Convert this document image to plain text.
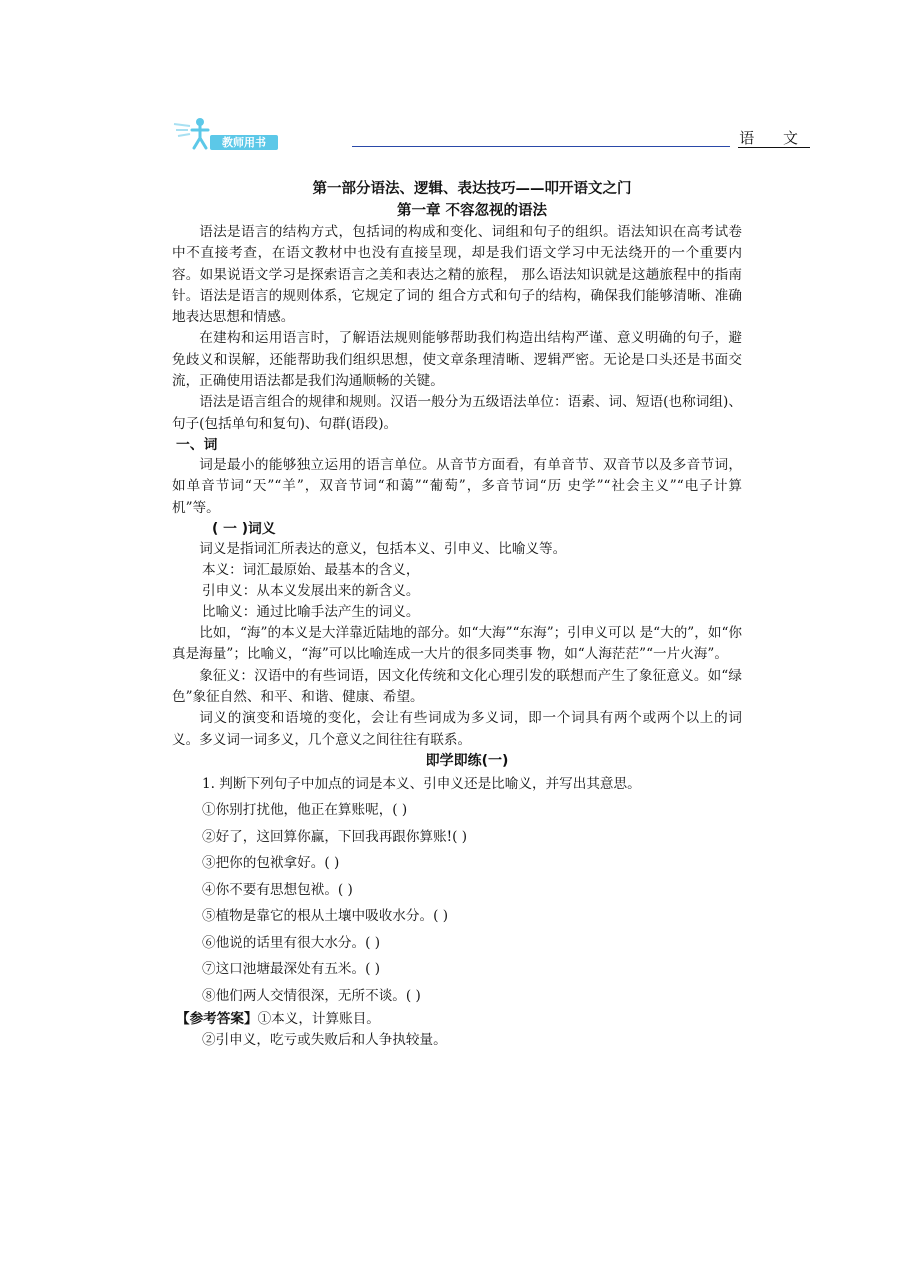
教师用书	语 文
第一部分语法、逻辑、表达技巧——叩开语文之门
第一章 不容忽视的语法

语法是语言的结构方式，包括词的构成和变化、词组和句子的组织。语法知识在高考试卷中不直接考查，在语文教材中也没有直接呈现，却是我们语文学习中无法绕开的一个重要内容。如果说语文学习是探索语言之美和表达之精的旅程， 那么语法知识就是这趟旅程中的指南针。语法是语言的规则体系，它规定了词的 组合方式和句子的结构，确保我们能够清晰、准确地表达思想和情感。

在建构和运用语言时，了解语法规则能够帮助我们构造出结构严谨、意义明确的句子，避免歧义和误解，还能帮助我们组织思想，使文章条理清晰、逻辑严密。无论是口头还是书面交流，正确使用语法都是我们沟通顺畅的关键。

语法是语言组合的规律和规则。汉语一般分为五级语法单位：语素、词、短语(也称词组)、句子(包括单句和复句)、句群(语段)。

一、词

词是最小的能够独立运用的语言单位。从音节方面看，有单音节、双音节以及多音节词，如单音节词“天”“羊”，双音节词“和蔼”“葡萄”，多音节词“历 史学”“社会主义”“电子计算机”等。

( 一 )词义

词义是指词汇所表达的意义，包括本义、引申义、比喻义等。

本义：词汇最原始、最基本的含义，
引申义：从本义发展出来的新含义。
比喻义：通过比喻手法产生的词义。

比如，“海”的本义是大洋靠近陆地的部分。如“大海”“东海”；引申义可以 是“大的”，如“你真是海量”；比喻义，“海”可以比喻连成一大片的很多同类事 物，如“人海茫茫”“一片火海”。

象征义：汉语中的有些词语，因文化传统和文化心理引发的联想而产生了象征意义。如“绿色”象征自然、和平、和谐、健康、希望。

词义的演变和语境的变化，会让有些词成为多义词，即一个词具有两个或两个以上的词义。多义词一词多义，几个意义之间往往有联系。

即学即练(一)
1. 判断下列句子中加点的词是本义、引申义还是比喻义，并写出其意思。
①你别打扰他，他正在算账呢，( )
②好了，这回算你赢，下回我再跟你算账!( )
③把你的包袱拿好。( )
④你不要有思想包袱。( )
⑤植物是靠它的根从土壤中吸收水分。( )
⑥他说的话里有很大水分。( )
⑦这口池塘最深处有五米。( )
⑧他们两人交情很深，无所不谈。( )
【参考答案】①本义，计算账目。
②引申义，吃亏或失败后和人争执较量。
